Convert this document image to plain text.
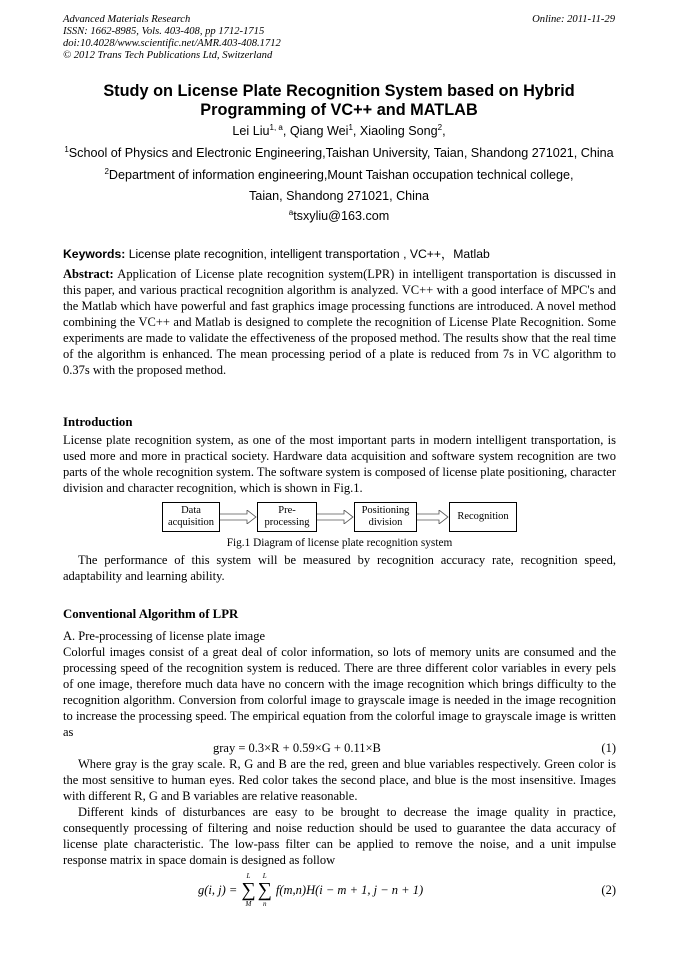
Advanced Materials Research
ISSN: 1662-8985, Vols. 403-408, pp 1712-1715
doi:10.4028/www.scientific.net/AMR.403-408.1712
© 2012 Trans Tech Publications Ltd, Switzerland
Online: 2011-11-29
Study on License Plate Recognition System based on Hybrid
Programming of VC++ and MATLAB
Lei Liu$^{1, a}$, Qiang Wei$^1$, Xiaoling Song$^2$,
$^1$School of Physics and Electronic Engineering,Taishan University, Taian, Shandong 271021, China
$^2$Department of information engineering,Mount Taishan occupation technical college,
Taian, Shandong 271021, China
$^a$tsxyliu@163.com
Keywords: License plate recognition, intelligent transportation , VC++，Matlab

Abstract: Application of License plate recognition system(LPR) in intelligent transportation is discussed in this paper, and various practical recognition algorithm is analyzed. VC++ with a good interface of MPC's and the Matlab which have powerful and fast graphics image processing functions are introduced. A novel method combining the VC++ and Matlab is designed to complete the recognition of License Plate Recognition. Some experiments are made to validate the effectiveness of the proposed method. The results show that the real time of the algorithm is enhanced. The mean processing period of a plate is reduced from 7s in VC algorithm to 0.37s with the proposed method.

Introduction

License plate recognition system, as one of the most important parts in modern intelligent transportation, is used more and more in practical society. Hardware data acquisition and software system recognition are two parts of the whole recognition system. The software system is composed of license plate positioning, character division and character recognition, which is shown in Fig.1.

Data
acquisition
Pre-
processing
Positioning
division
Recognition
Fig.1 Diagram of license plate recognition system

The performance of this system will be measured by recognition accuracy rate, recognition speed, adaptability and learning ability.

Conventional Algorithm of LPR

A. Pre-processing of license plate image

Colorful images consist of a great deal of color information, so lots of memory units are consumed and the processing speed of the recognition system is reduced. There are three different color variables in every pels of one image, therefore much data have no concern with the image recognition which brings difficulty to the recognition algorithm. Conversion from colorful image to grayscale image is needed in the image recognition to increase the processing speed. The empirical equation from the colorful image to grayscale image is written as

gray = 0.3×R + 0.59×G + 0.11×B	(1)

Where gray is the gray scale. R, G and B are the red, green and blue variables respectively. Green color is the most sensitive to human eyes. Red color takes the second place, and blue is the most insensitive. Images with different R, G and B variables are relative reasonable.

Different kinds of disturbances are easy to be brought to decrease the image quality in practice, consequently processing of filtering and noise reduction should be used to guarantee the data accuracy of license plate characteristic. The low-pass filter can be applied to remove the noise, and a unit impulse response matrix in space domain is designed as follow

g(i, j) =
L
∑
M
L
∑
n
f(m,n)H(i − m + 1, j − n + 1)	(2)
